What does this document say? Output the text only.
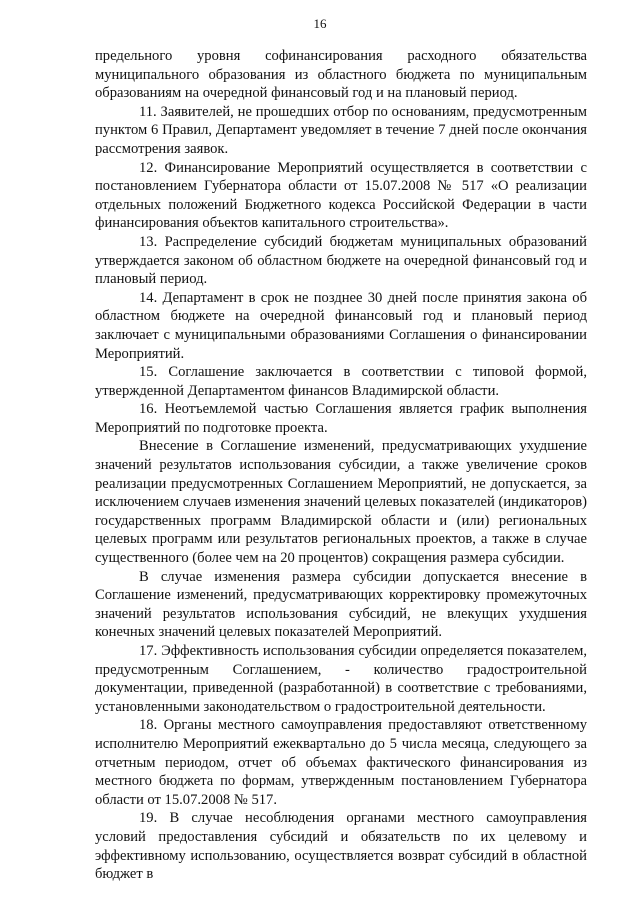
16

предельного уровня софинансирования расходного обязательства муниципального образования из областного бюджета по муниципальным образованиям на очередной финансовый год и на плановый период.

11. Заявителей, не прошедших отбор по основаниям, предусмотренным пунктом 6 Правил, Департамент уведомляет в течение 7 дней после окончания рассмотрения заявок.

12. Финансирование Мероприятий осуществляется в соответствии с постановлением Губернатора области от 15.07.2008 № 517 «О реализации отдельных положений Бюджетного кодекса Российской Федерации в части финансирования объектов капитального строительства».

13. Распределение субсидий бюджетам муниципальных образований утверждается законом об областном бюджете на очередной финансовый год и плановый период.

14. Департамент в срок не позднее 30 дней после принятия закона об областном бюджете на очередной финансовый год и плановый период заключает с муниципальными образованиями Соглашения о финансировании Мероприятий.

15. Соглашение заключается в соответствии с типовой формой, утвержденной Департаментом финансов Владимирской области.

16. Неотъемлемой частью Соглашения является график выполнения Мероприятий по подготовке проекта.

Внесение в Соглашение изменений, предусматривающих ухудшение значений результатов использования субсидии, а также увеличение сроков реализации предусмотренных Соглашением Мероприятий, не допускается, за исключением случаев изменения значений целевых показателей (индикаторов) государственных программ Владимирской области и (или) региональных целевых программ или результатов региональных проектов, а также в случае существенного (более чем на 20 процентов) сокращения размера субсидии.

В случае изменения размера субсидии допускается внесение в Соглашение изменений, предусматривающих корректировку промежуточных значений результатов использования субсидий, не влекущих ухудшения конечных значений целевых показателей Мероприятий.

17. Эффективность использования субсидии определяется показателем, предусмотренным Соглашением, - количество градостроительной документации, приведенной (разработанной) в соответствие с требованиями, установленными законодательством о градостроительной деятельности.

18. Органы местного самоуправления предоставляют ответственному исполнителю Мероприятий ежеквартально до 5 числа месяца, следующего за отчетным периодом, отчет об объемах фактического финансирования из местного бюджета по формам, утвержденным постановлением Губернатора области от 15.07.2008 № 517.

19. В случае несоблюдения органами местного самоуправления условий предоставления субсидий и обязательств по их целевому и эффективному использованию, осуществляется возврат субсидий в областной бюджет в
